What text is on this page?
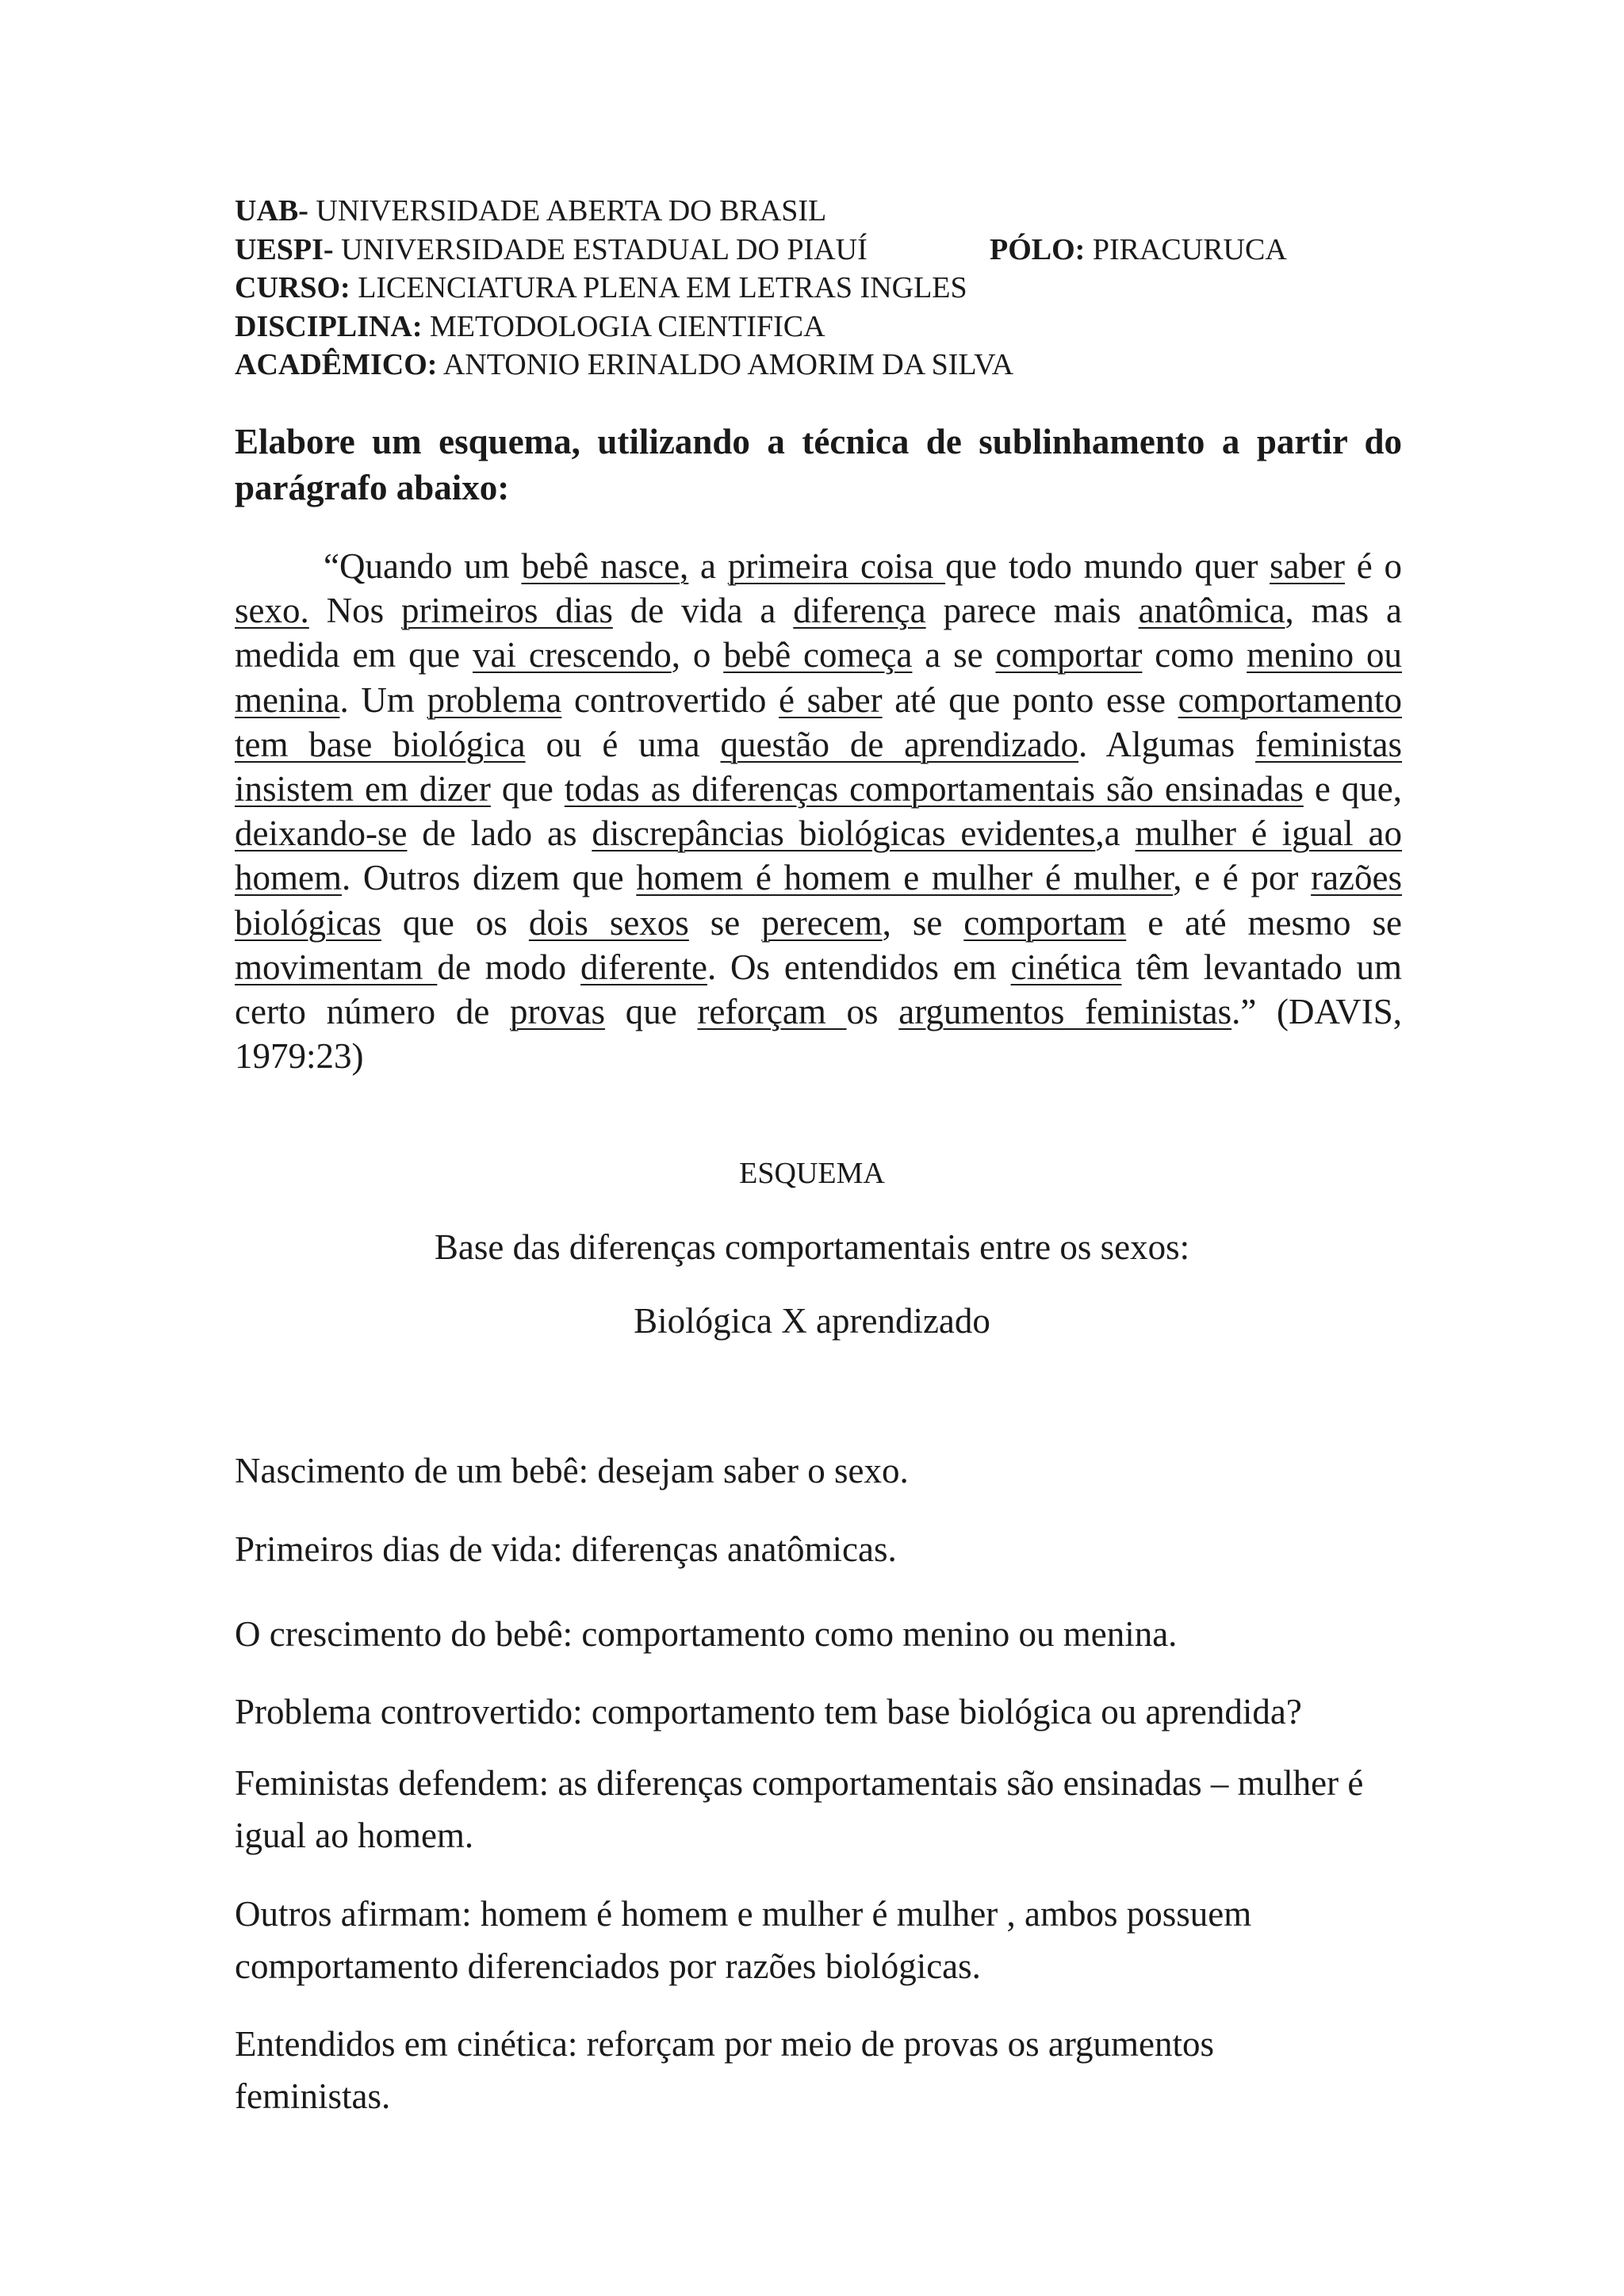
UAB- UNIVERSIDADE ABERTA DO BRASIL
UESPI- UNIVERSIDADE ESTADUAL DO PIAUÍ	PÓLO: PIRACURUCA
CURSO: LICENCIATURA PLENA EM LETRAS INGLES
DISCIPLINA: METODOLOGIA CIENTIFICA
ACADÊMICO: ANTONIO ERINALDO AMORIM DA SILVA
Elabore um esquema, utilizando a técnica de sublinhamento a partir do parágrafo abaixo:
“Quando um bebê nasce, a primeira coisa que todo mundo quer saber é o sexo. Nos primeiros dias de vida a diferença parece mais anatômica, mas a medida em que vai crescendo, o bebê começa a se comportar como menino ou menina. Um problema controvertido é saber até que ponto esse comportamento tem base biológica ou é uma questão de aprendizado. Algumas feministas insistem em dizer que todas as diferenças comportamentais são ensinadas e que, deixando-se de lado as discrepâncias biológicas evidentes,a mulher é igual ao homem. Outros dizem que homem é homem e mulher é mulher, e é por razões biológicas que os dois sexos se perecem, se comportam e até mesmo se movimentam de modo diferente. Os entendidos em cinética têm levantado um certo número de provas que reforçam os argumentos feministas.” (DAVIS, 1979:23)
ESQUEMA
Base das diferenças comportamentais entre os sexos:
Biológica X aprendizado
Nascimento de um bebê: desejam saber o sexo.
Primeiros dias de vida: diferenças anatômicas.
O crescimento do bebê: comportamento como menino ou menina.
Problema controvertido: comportamento tem base biológica ou aprendida?
Feministas defendem: as diferenças comportamentais são ensinadas – mulher é igual ao homem.
Outros afirmam: homem é homem e mulher é mulher , ambos possuem comportamento diferenciados por razões biológicas.
Entendidos em cinética: reforçam por meio de provas os argumentos feministas.
